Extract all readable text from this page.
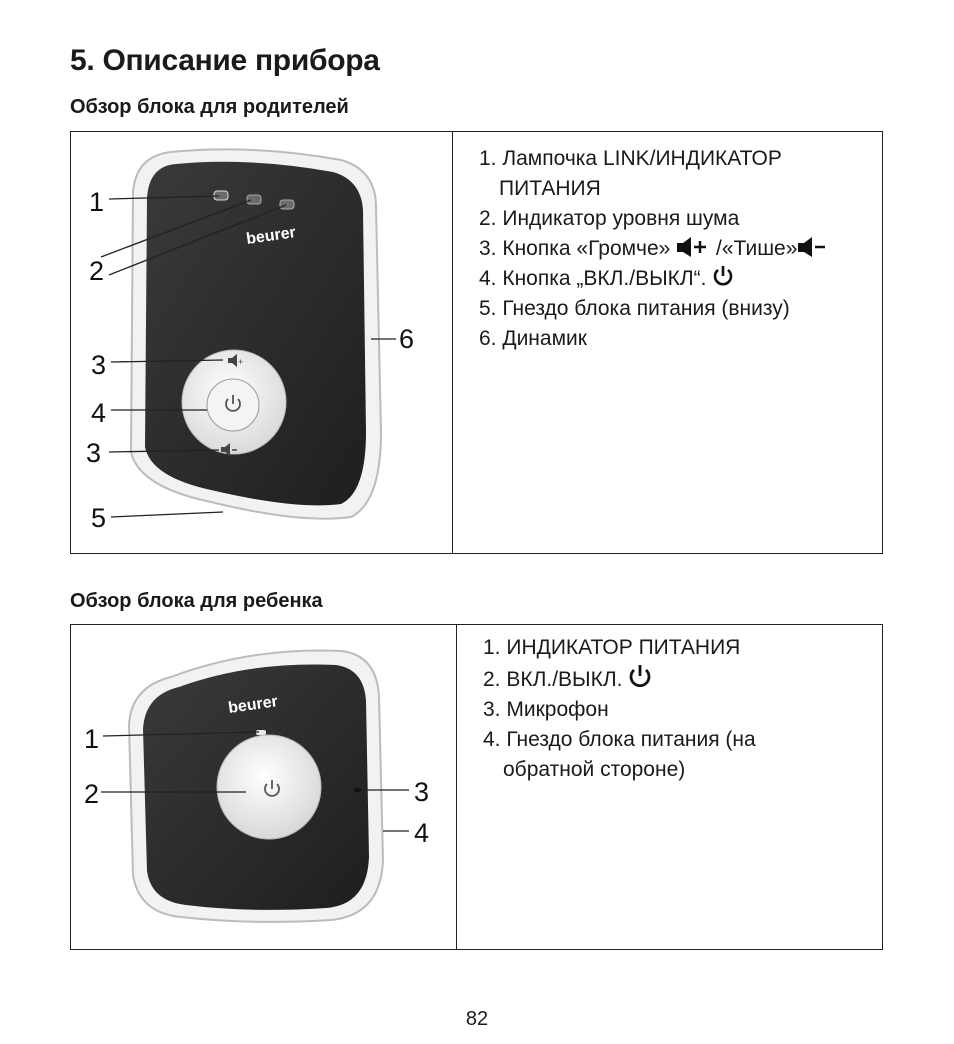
5. Описание прибора
Обзор блока для родителей
beurer
+
1
2
3
4
3
5
6
1. Лампочка LINK/ИНДИКАТОР
ПИТАНИЯ
2. Индикатор уровня шума
3. Кнопка «Громче» /«Тише»
4. Кнопка „ВКЛ./ВЫКЛ“.
5. Гнездо блока питания (внизу)
6. Динамик
Обзор блока для ребенка
beurer
1
2	3
4
1. ИНДИКАТОР ПИТАНИЯ
2. ВКЛ./ВЫКЛ.
3. Микрофон
4. Гнездо блока питания (на
обратной стороне)

82
